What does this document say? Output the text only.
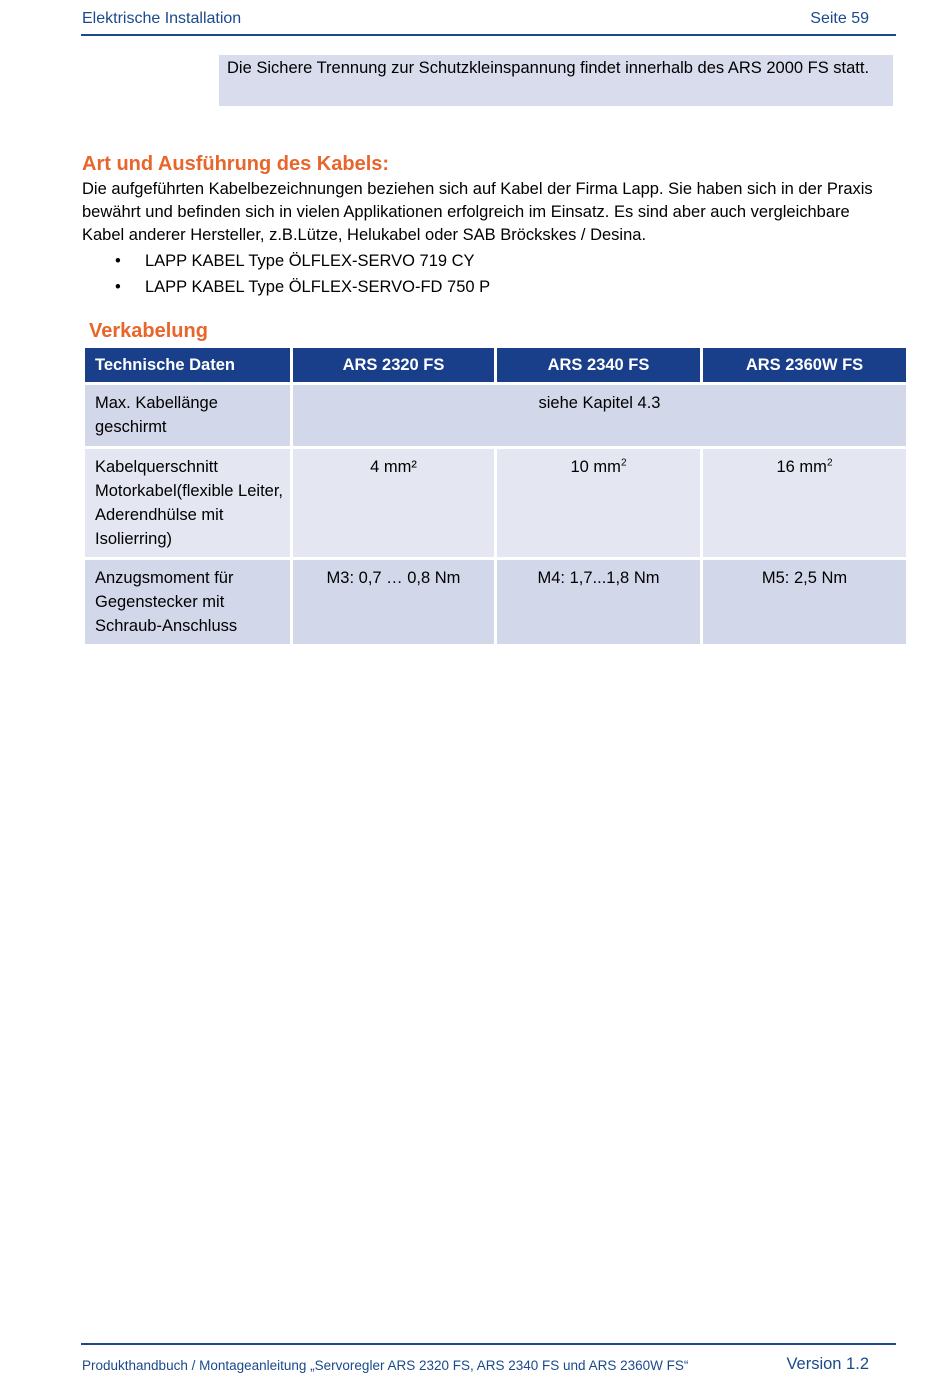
Elektrische Installation	Seite 59
Die Sichere Trennung zur Schutzkleinspannung findet innerhalb des ARS 2000 FS statt.
Art und Ausführung des Kabels:
Die aufgeführten Kabelbezeichnungen beziehen sich auf Kabel der Firma Lapp. Sie haben sich in der Praxis bewährt und befinden sich in vielen Applikationen erfolgreich im Einsatz. Es sind aber auch vergleichbare Kabel anderer Hersteller, z.B.Lütze, Helukabel oder SAB Bröckskes / Desina.
• LAPP KABEL Type ÖLFLEX-SERVO 719 CY
• LAPP KABEL Type ÖLFLEX-SERVO-FD 750 P
Verkabelung
Technische Daten	ARS 2320 FS	ARS 2340 FS	ARS 2360W FS
Max. Kabellänge geschirmt	siehe Kapitel 4.3		
Kabelquerschnitt Motorkabel(flexible Leiter, Aderendhülse mit Isolierring)	4 mm²	10 $mm^2$	16 $mm^2$
Anzugsmoment für Gegenstecker mit Schraub-Anschluss	M3: 0,7 … 0,8 Nm	M4: 1,7...1,8 Nm	M5: 2,5 Nm
Produkthandbuch / Montageanleitung „Servoregler ARS 2320 FS, ARS 2340 FS und ARS 2360W FS“	Version 1.2
